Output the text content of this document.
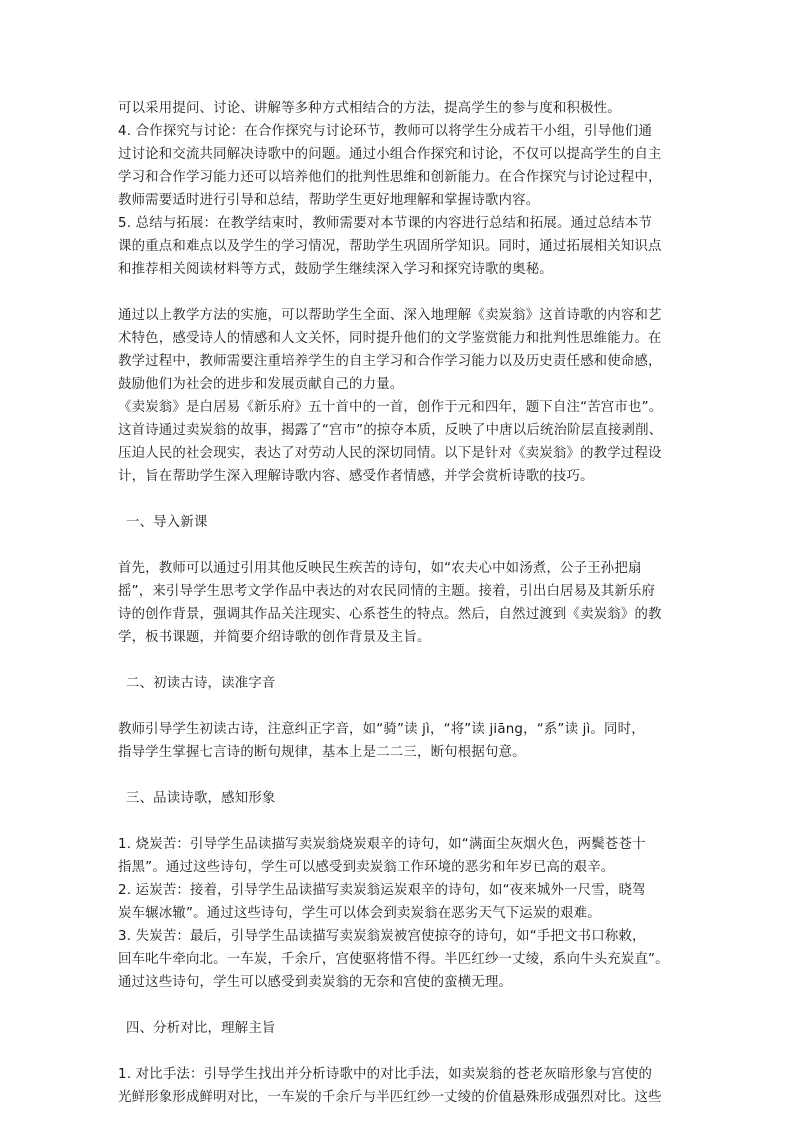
可以采用提问、讨论、讲解等多种方式相结合的方法，提高学生的参与度和积极性。

4. 合作探究与讨论：在合作探究与讨论环节，教师可以将学生分成若干小组，引导他们通

过讨论和交流共同解决诗歌中的问题。通过小组合作探究和讨论，不仅可以提高学生的自主

学习和合作学习能力还可以培养他们的批判性思维和创新能力。在合作探究与讨论过程中，

教师需要适时进行引导和总结，帮助学生更好地理解和掌握诗歌内容。

5. 总结与拓展：在教学结束时，教师需要对本节课的内容进行总结和拓展。通过总结本节

课的重点和难点以及学生的学习情况，帮助学生巩固所学知识。同时，通过拓展相关知识点

和推荐相关阅读材料等方式，鼓励学生继续深入学习和探究诗歌的奥秘。

通过以上教学方法的实施，可以帮助学生全面、深入地理解《卖炭翁》这首诗歌的内容和艺

术特色，感受诗人的情感和人文关怀，同时提升他们的文学鉴赏能力和批判性思维能力。在

教学过程中，教师需要注重培养学生的自主学习和合作学习能力以及历史责任感和使命感，

鼓励他们为社会的进步和发展贡献自己的力量。

《卖炭翁》是白居易《新乐府》五十首中的一首，创作于元和四年，题下自注“苦宫市也”。

这首诗通过卖炭翁的故事，揭露了“宫市”的掠夺本质，反映了中唐以后统治阶层直接剥削、

压迫人民的社会现实，表达了对劳动人民的深切同情。以下是针对《卖炭翁》的教学过程设

计，旨在帮助学生深入理解诗歌内容、感受作者情感，并学会赏析诗歌的技巧。

一、导入新课

首先，教师可以通过引用其他反映民生疾苦的诗句，如“农夫心中如汤煮，公子王孙把扇

摇”，来引导学生思考文学作品中表达的对农民同情的主题。接着，引出白居易及其新乐府

诗的创作背景，强调其作品关注现实、心系苍生的特点。然后，自然过渡到《卖炭翁》的教

学，板书课题，并简要介绍诗歌的创作背景及主旨。

二、初读古诗，读准字音

教师引导学生初读古诗，注意纠正字音，如“骑”读 jì，“将”读 jiāng，“系”读 jì。同时，

指导学生掌握七言诗的断句规律，基本上是二二三，断句根据句意。

三、品读诗歌，感知形象

1. 烧炭苦：引导学生品读描写卖炭翁烧炭艰辛的诗句，如“满面尘灰烟火色，两鬓苍苍十

指黑”。通过这些诗句，学生可以感受到卖炭翁工作环境的恶劣和年岁已高的艰辛。

2. 运炭苦：接着，引导学生品读描写卖炭翁运炭艰辛的诗句，如“夜来城外一尺雪，晓驾

炭车辗冰辙”。通过这些诗句，学生可以体会到卖炭翁在恶劣天气下运炭的艰难。

3. 失炭苦：最后，引导学生品读描写卖炭翁炭被宫使掠夺的诗句，如“手把文书口称敕，

回车叱牛牵向北。一车炭，千余斤，宫使驱将惜不得。半匹红纱一丈绫，系向牛头充炭直”。

通过这些诗句，学生可以感受到卖炭翁的无奈和宫使的蛮横无理。

四、分析对比，理解主旨

1. 对比手法：引导学生找出并分析诗歌中的对比手法，如卖炭翁的苍老灰暗形象与宫使的

光鲜形象形成鲜明对比，一车炭的千余斤与半匹红纱一丈绫的价值悬殊形成强烈对比。这些
